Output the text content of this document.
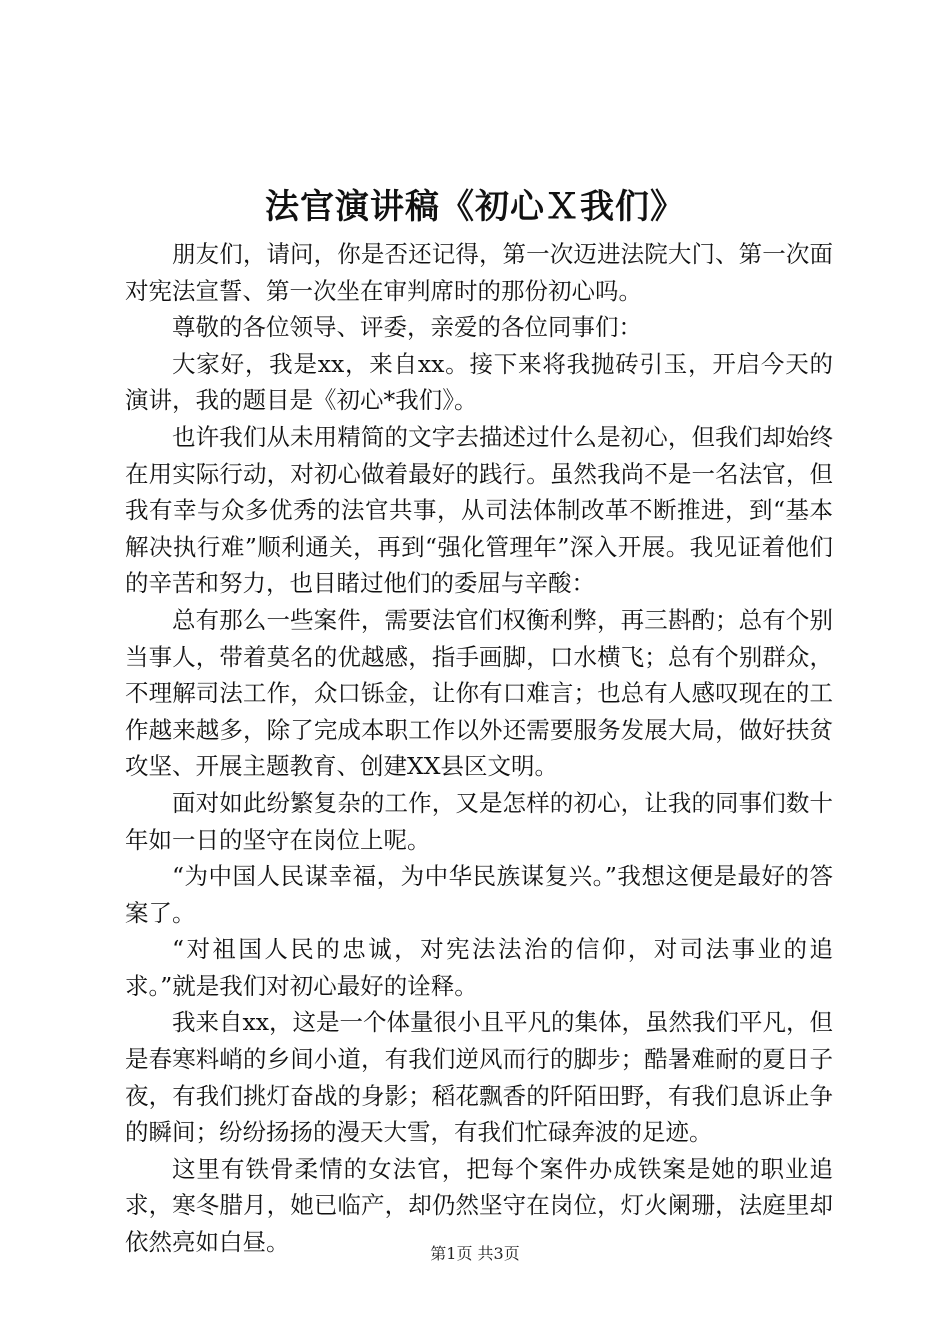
法官演讲稿《初心Ｘ我们》

朋友们，请问，你是否还记得，第一次迈进法院大门、第一次面对宪法宣誓、第一次坐在审判席时的那份初心吗。

尊敬的各位领导、评委，亲爱的各位同事们：

大家好，我是xx，来自xx。接下来将我抛砖引玉，开启今天的演讲，我的题目是《初心*我们》。

也许我们从未用精简的文字去描述过什么是初心，但我们却始终在用实际行动，对初心做着最好的践行。虽然我尚不是一名法官，但我有幸与众多优秀的法官共事，从司法体制改革不断推进，到“基本解决执行难”顺利通关，再到“强化管理年”深入开展。我见证着他们的辛苦和努力，也目睹过他们的委屈与辛酸：

总有那么一些案件，需要法官们权衡利弊，再三斟酌；总有个别当事人，带着莫名的优越感，指手画脚，口水横飞；总有个别群众，不理解司法工作，众口铄金，让你有口难言；也总有人感叹现在的工作越来越多，除了完成本职工作以外还需要服务发展大局，做好扶贫攻坚、开展主题教育、创建XX县区文明。

面对如此纷繁复杂的工作，又是怎样的初心，让我的同事们数十年如一日的坚守在岗位上呢。

“为中国人民谋幸福，为中华民族谋复兴。”我想这便是最好的答案了。

“对祖国人民的忠诚，对宪法法治的信仰，对司法事业的追求。”就是我们对初心最好的诠释。

我来自xx，这是一个体量很小且平凡的集体，虽然我们平凡，但是春寒料峭的乡间小道，有我们逆风而行的脚步；酷暑难耐的夏日子夜，有我们挑灯奋战的身影；稻花飘香的阡陌田野，有我们息诉止争的瞬间；纷纷扬扬的漫天大雪，有我们忙碌奔波的足迹。

这里有铁骨柔情的女法官，把每个案件办成铁案是她的职业追求，寒冬腊月，她已临产，却仍然坚守在岗位，灯火阑珊，法庭里却依然亮如白昼。	第1页 共3页
